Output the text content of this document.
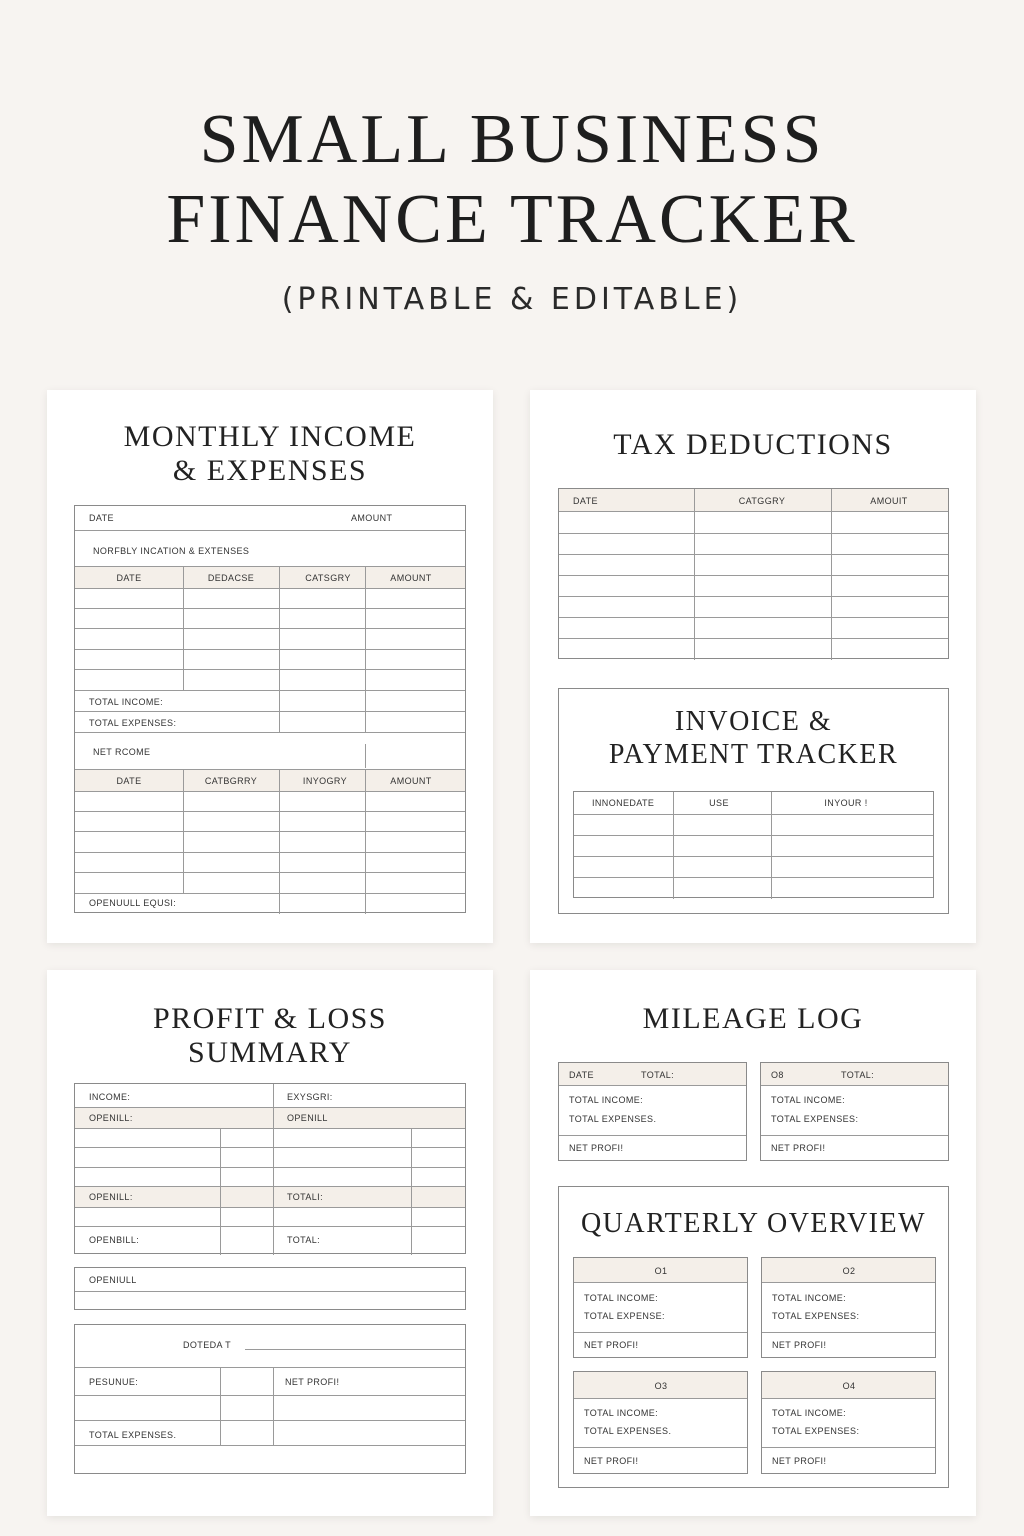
SMALL BUSINESS
FINANCE TRACKER
(PRINTABLE & EDITABLE)
MONTHLY INCOME
& EXPENSES
DATE	AMOUNT
NORFBLY INCATION & EXTENSES
DATE	DEDACSE	CATSGRY	AMOUNT
TOTAL INCOME:
TOTAL EXPENSES:
NET RCOME
DATE	CATBGRRY	INYOGRY	AMOUNT
OPENUULL EQUSI:
TAX DEDUCTIONS
DATE	CATGGRY	AMOUIT
INVOICE &
PAYMENT TRACKER
INNONEDATE	USE	INYOUR !
PROFIT & LOSS
SUMMARY
INCOME:	EXYSGRI:
OPENILL:	OPENILL
OPENILL:	TOTALI:
OPENBILL:	TOTAL:
OPENIULL
DOTEDA T
PESUNUE:	NET PROFI!
TOTAL EXPENSES.
MILEAGE LOG
DATE	TOTAL:
TOTAL INCOME:
TOTAL EXPENSES.
NET PROFI!
O8	TOTAL:
TOTAL INCOME:
TOTAL EXPENSES:
NET PROFI!
QUARTERLY OVERVIEW
O1
TOTAL INCOME:
TOTAL EXPENSE:
NET PROFI!
O2
TOTAL INCOME:
TOTAL EXPENSES:
NET PROFI!
O3
TOTAL INCOME:
TOTAL EXPENSES.
NET PROFI!
O4
TOTAL INCOME:
TOTAL EXPENSES:
NET PROFI!
